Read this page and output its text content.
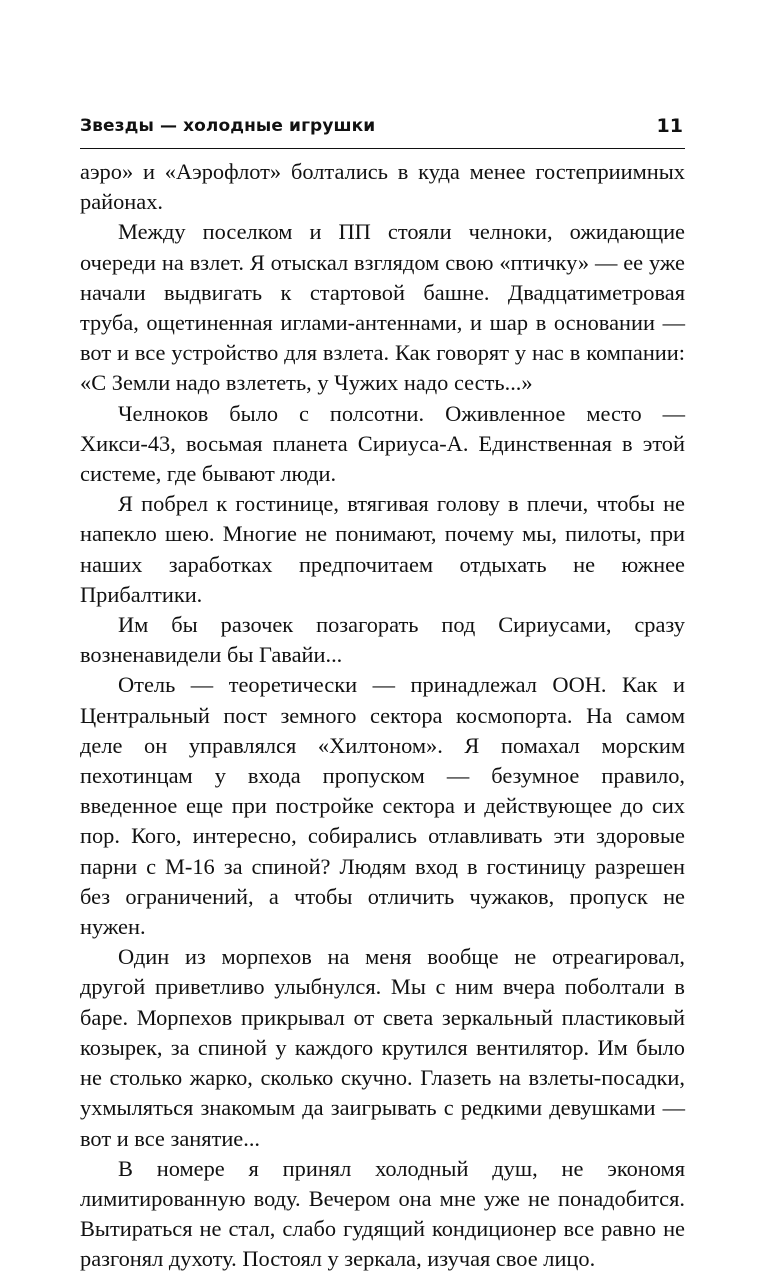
Звезды — холодные игрушки	11

аэро» и «Аэрофлот» болтались в куда менее гостеприимных районах.

Между поселком и ПП стояли челноки, ожидающие очереди на взлет. Я отыскал взглядом свою «птичку» — ее уже начали выдвигать к стартовой башне. Двадцатиметровая труба, ощетиненная иглами-антеннами, и шар в основании — вот и все устройство для взлета. Как говорят у нас в компании: «С Земли надо взлететь, у Чужих надо сесть...»

Челноков было с полсотни. Оживленное место — Хикси-43, восьмая планета Сириуса-А. Единственная в этой системе, где бывают люди.

Я побрел к гостинице, втягивая голову в плечи, чтобы не напекло шею. Многие не понимают, почему мы, пилоты, при наших заработках предпочитаем отдыхать не южнее Прибалтики.

Им бы разочек позагорать под Сириусами, сразу возненавидели бы Гавайи...

Отель — теоретически — принадлежал ООН. Как и Центральный пост земного сектора космопорта. На самом деле он управлялся «Хилтоном». Я помахал морским пехотинцам у входа пропуском — безумное правило, введенное еще при постройке сектора и действующее до сих пор. Кого, интересно, собирались отлавливать эти здоровые парни с М-16 за спиной? Людям вход в гостиницу разрешен без ограничений, а чтобы отличить чужаков, пропуск не нужен.

Один из морпехов на меня вообще не отреагировал, другой приветливо улыбнулся. Мы с ним вчера поболтали в баре. Морпехов прикрывал от света зеркальный пластиковый козырек, за спиной у каждого крутился вентилятор. Им было не столько жарко, сколько скучно. Глазеть на взлеты-посадки, ухмыляться знакомым да заигрывать с редкими девушками — вот и все занятие...

В номере я принял холодный душ, не экономя лимитированную воду. Вечером она мне уже не понадобится. Вытираться не стал, слабо гудящий кондиционер все равно не разгонял духоту. Постоял у зеркала, изучая свое лицо.
